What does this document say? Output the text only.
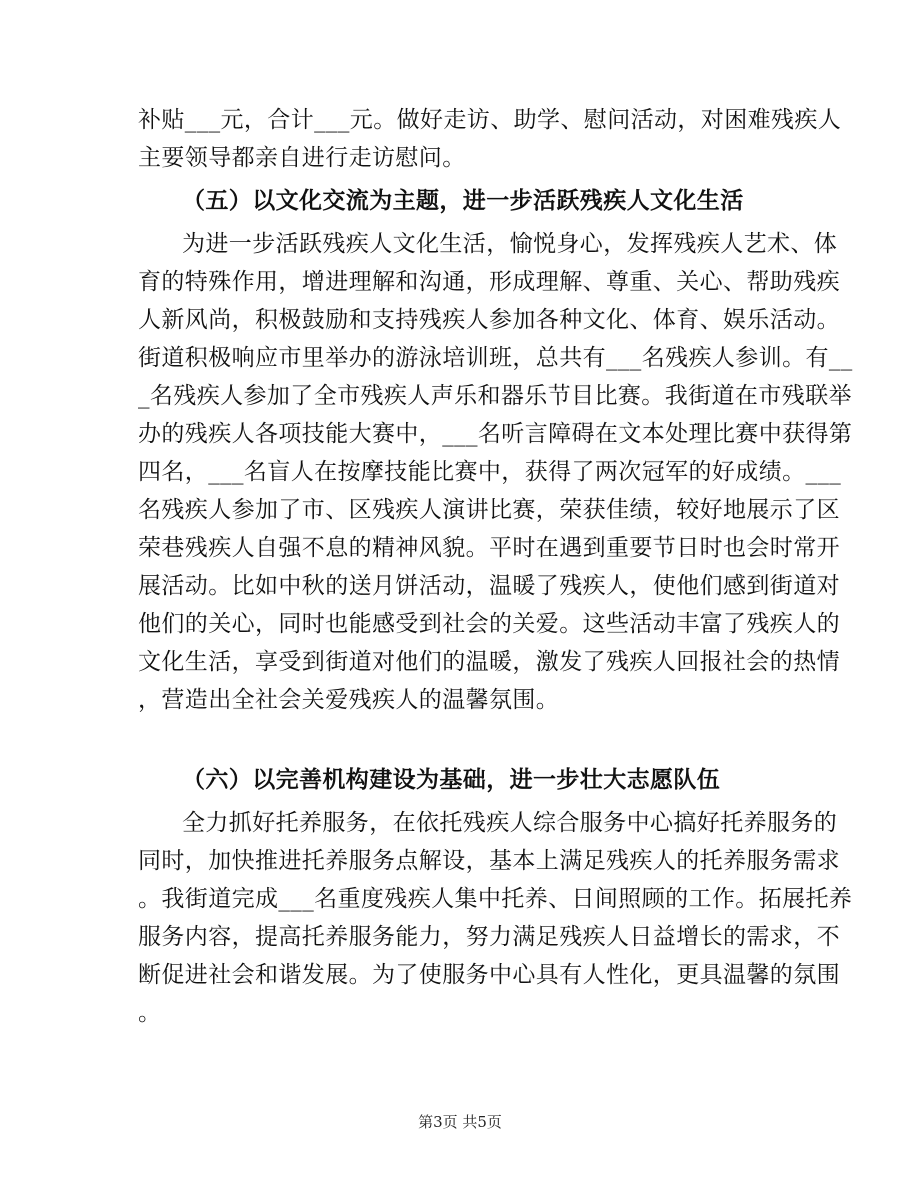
补贴___元，合计___元。做好走访、助学、慰问活动，对困难残疾人
主要领导都亲自进行走访慰问。
（五）以文化交流为主题，进一步活跃残疾人文化生活
为进一步活跃残疾人文化生活，愉悦身心，发挥残疾人艺术、体
育的特殊作用，增进理解和沟通，形成理解、尊重、关心、帮助残疾
人新风尚，积极鼓励和支持残疾人参加各种文化、体育、娱乐活动。
街道积极响应市里举办的游泳培训班，总共有___名残疾人参训。有__
_名残疾人参加了全市残疾人声乐和器乐节目比赛。我街道在市残联举
办的残疾人各项技能大赛中，___名听言障碍在文本处理比赛中获得第
四名，___名盲人在按摩技能比赛中，获得了两次冠军的好成绩。___
名残疾人参加了市、区残疾人演讲比赛，荣获佳绩，较好地展示了区
荣巷残疾人自强不息的精神风貌。平时在遇到重要节日时也会时常开
展活动。比如中秋的送月饼活动，温暖了残疾人，使他们感到街道对
他们的关心，同时也能感受到社会的关爱。这些活动丰富了残疾人的
文化生活，享受到街道对他们的温暖，激发了残疾人回报社会的热情
，营造出全社会关爱残疾人的温馨氛围。
（六）以完善机构建设为基础，进一步壮大志愿队伍
全力抓好托养服务，在依托残疾人综合服务中心搞好托养服务的
同时，加快推进托养服务点解设，基本上满足残疾人的托养服务需求
。我街道完成___名重度残疾人集中托养、日间照顾的工作。拓展托养
服务内容，提高托养服务能力，努力满足残疾人日益增长的需求，不
断促进社会和谐发展。为了使服务中心具有人性化，更具温馨的氛围
。
第3页 共5页
